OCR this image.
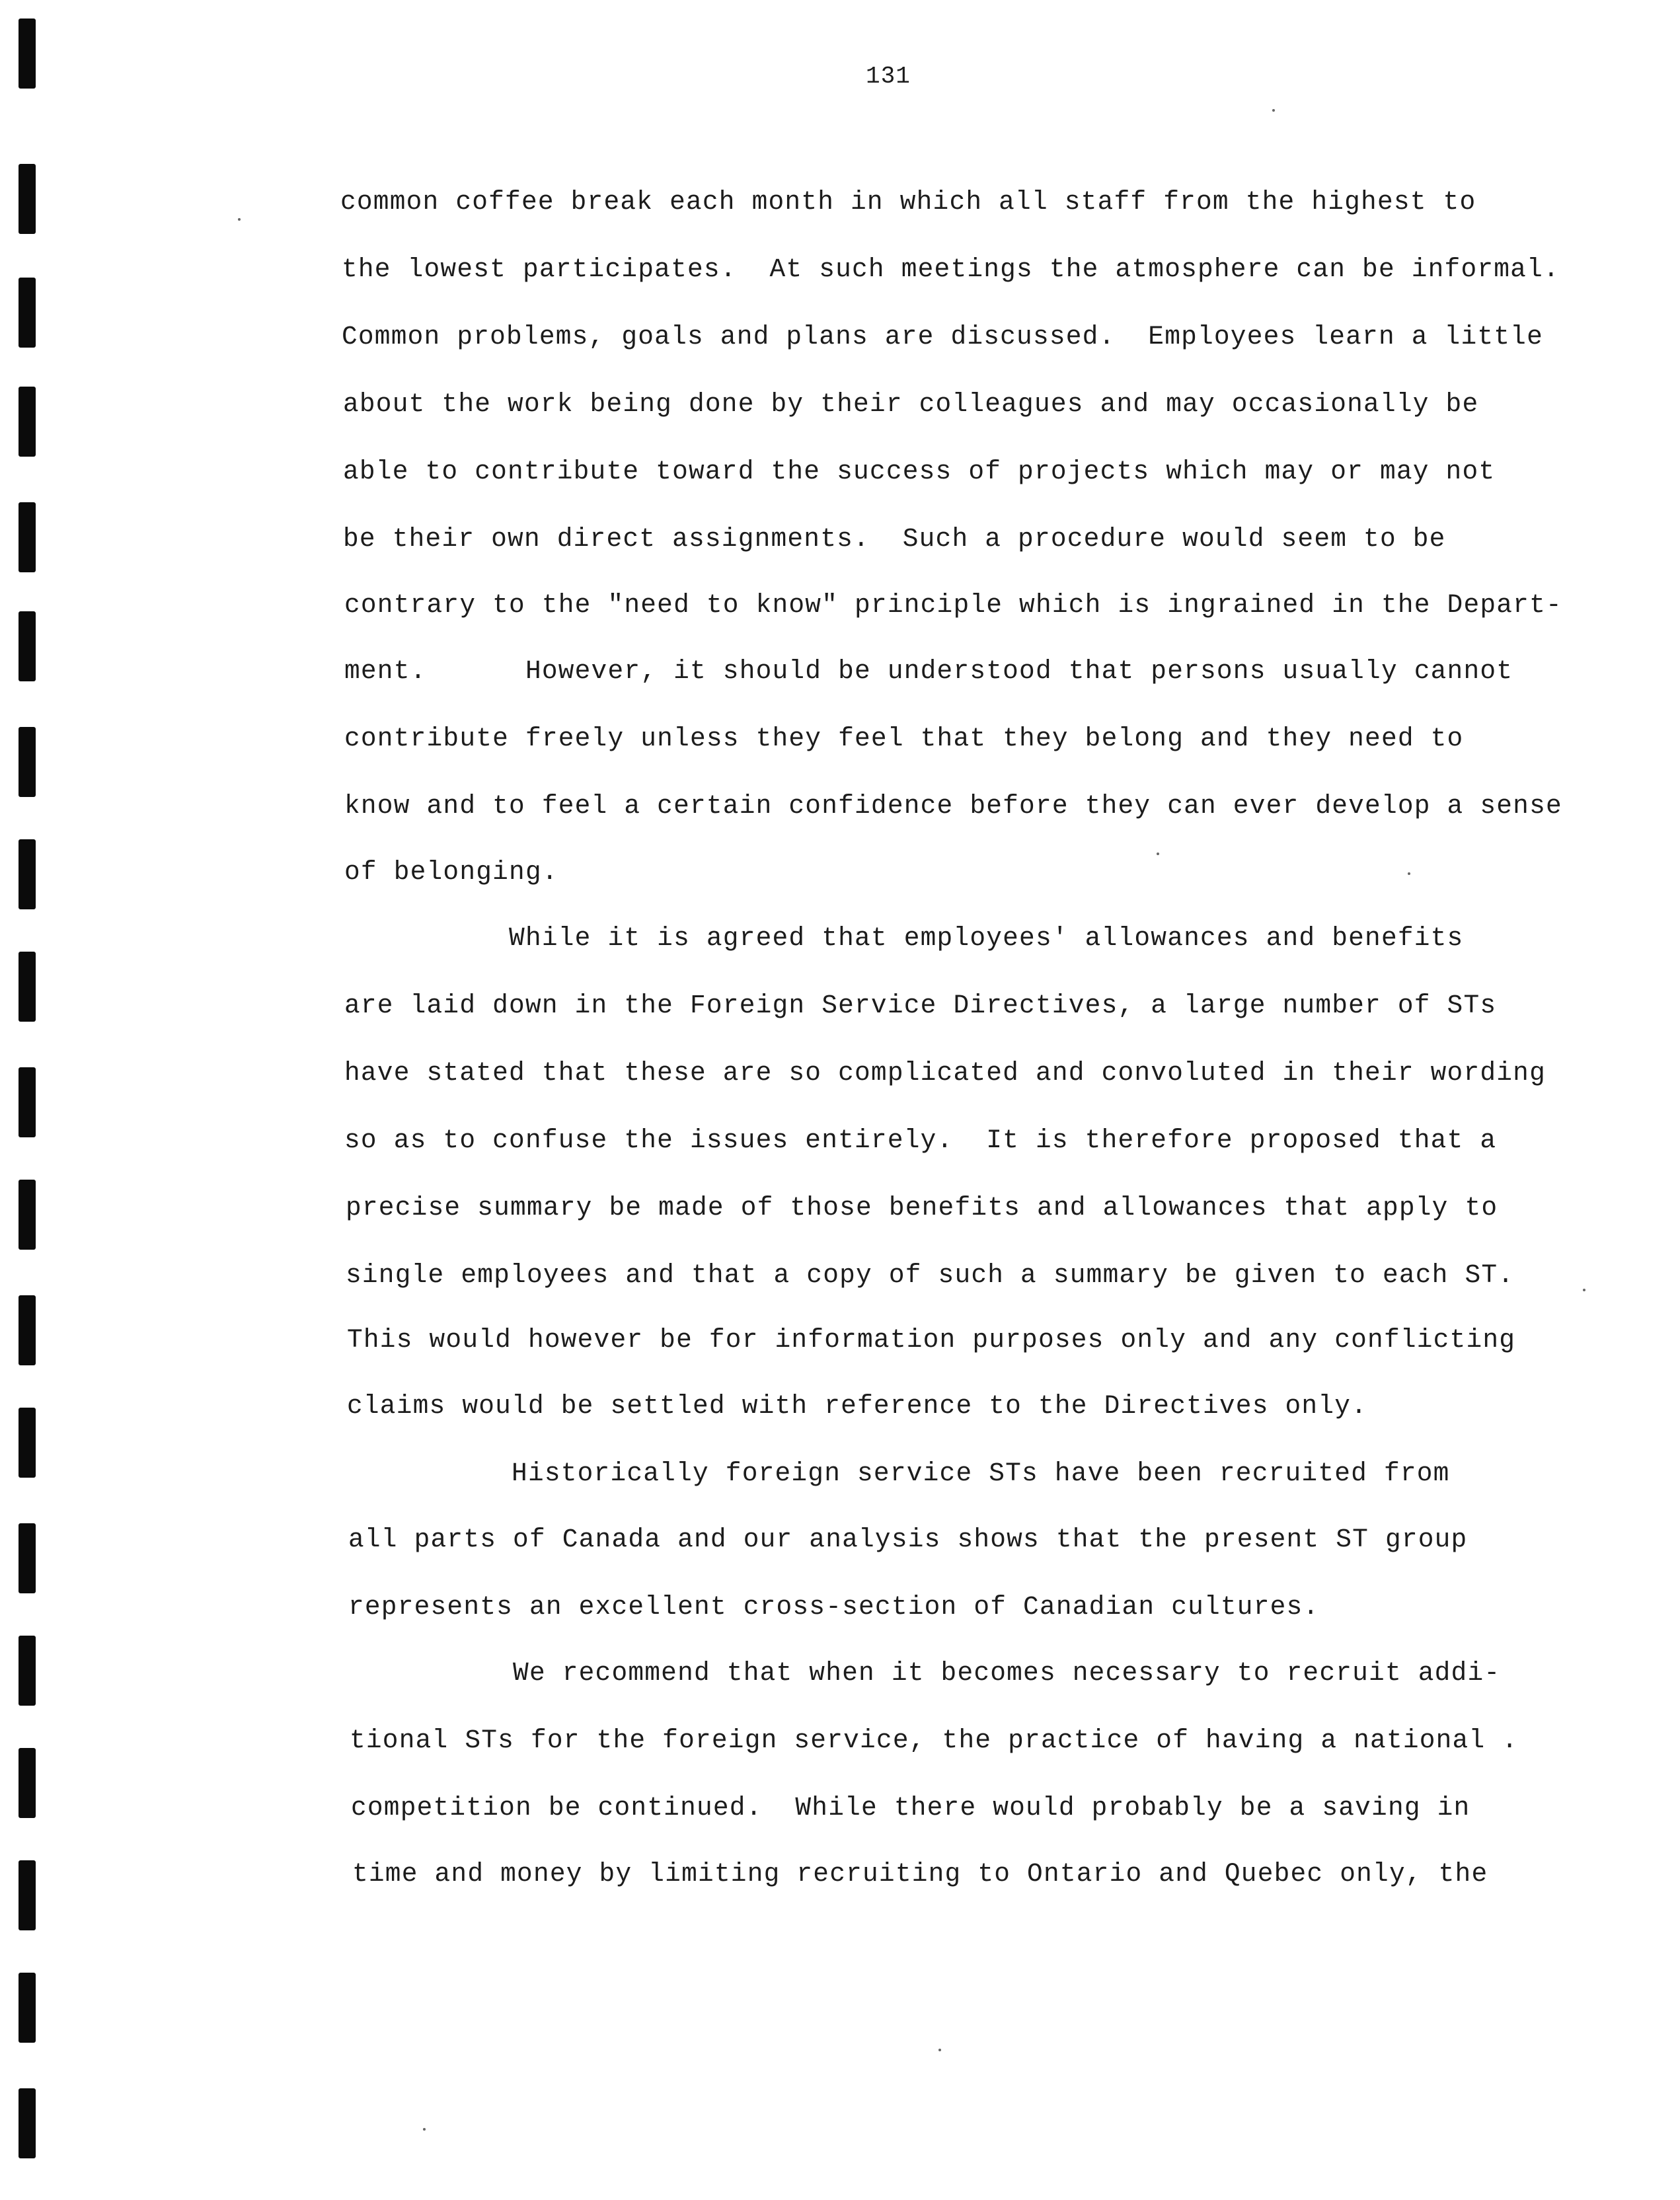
131
common coffee break each month in which all staff from the highest to
the lowest participates.  At such meetings the atmosphere can be informal.
Common problems, goals and plans are discussed.  Employees learn a little
about the work being done by their colleagues and may occasionally be
able to contribute toward the success of projects which may or may not
be their own direct assignments.  Such a procedure would seem to be
contrary to the "need to know" principle which is ingrained in the Depart-
ment.      However, it should be understood that persons usually cannot
contribute freely unless they feel that they belong and they need to
know and to feel a certain confidence before they can ever develop a sense
of belonging.
While it is agreed that employees' allowances and benefits
are laid down in the Foreign Service Directives, a large number of STs
have stated that these are so complicated and convoluted in their wording
so as to confuse the issues entirely.  It is therefore proposed that a
precise summary be made of those benefits and allowances that apply to
single employees and that a copy of such a summary be given to each ST.
This would however be for information purposes only and any conflicting
claims would be settled with reference to the Directives only.
Historically foreign service STs have been recruited from
all parts of Canada and our analysis shows that the present ST group
represents an excellent cross-section of Canadian cultures.
We recommend that when it becomes necessary to recruit addi-
tional STs for the foreign service, the practice of having a national .
competition be continued.  While there would probably be a saving in
time and money by limiting recruiting to Ontario and Quebec only, the
